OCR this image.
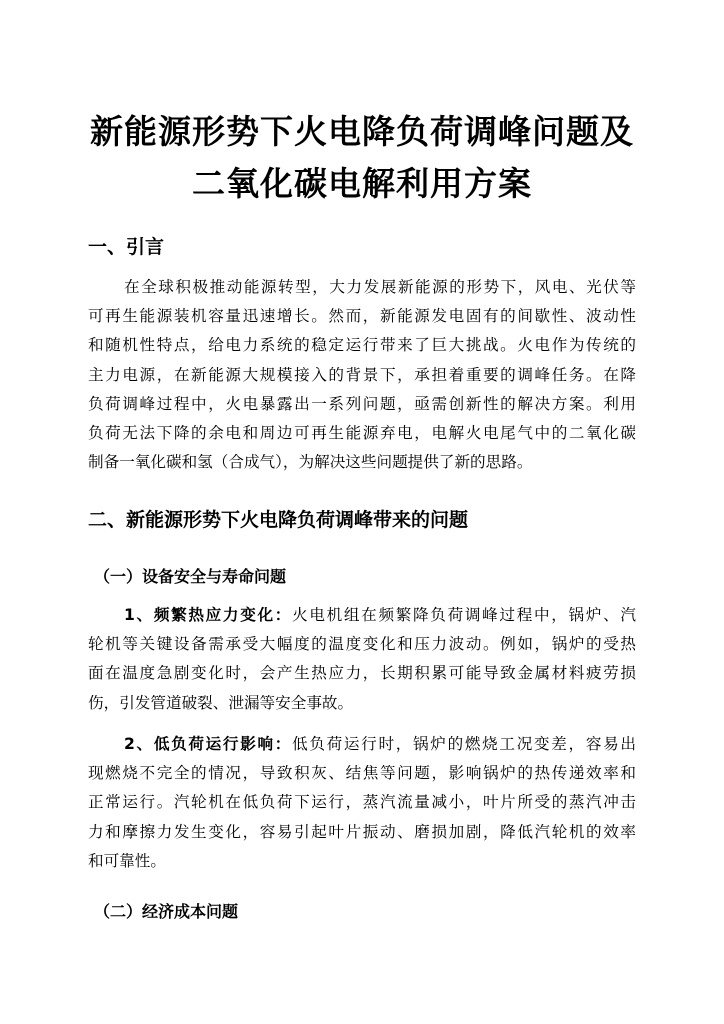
新能源形势下火电降负荷调峰问题及
二氧化碳电解利用方案
一、引言
在全球积极推动能源转型，大力发展新能源的形势下，风电、光伏等
可再生能源装机容量迅速增长。然而，新能源发电固有的间歇性、波动性
和随机性特点，给电力系统的稳定运行带来了巨大挑战。火电作为传统的
主力电源，在新能源大规模接入的背景下，承担着重要的调峰任务。在降
负荷调峰过程中，火电暴露出一系列问题，亟需创新性的解决方案。利用
负荷无法下降的余电和周边可再生能源弃电，电解火电尾气中的二氧化碳
制备一氧化碳和氢（合成气），为解决这些问题提供了新的思路。
二、新能源形势下火电降负荷调峰带来的问题
（一）设备安全与寿命问题
1、频繁热应力变化：火电机组在频繁降负荷调峰过程中，锅炉、汽
轮机等关键设备需承受大幅度的温度变化和压力波动。例如，锅炉的受热
面在温度急剧变化时，会产生热应力，长期积累可能导致金属材料疲劳损
伤，引发管道破裂、泄漏等安全事故。
2、低负荷运行影响：低负荷运行时，锅炉的燃烧工况变差，容易出
现燃烧不完全的情况，导致积灰、结焦等问题，影响锅炉的热传递效率和
正常运行。汽轮机在低负荷下运行，蒸汽流量减小，叶片所受的蒸汽冲击
力和摩擦力发生变化，容易引起叶片振动、磨损加剧，降低汽轮机的效率
和可靠性。
（二）经济成本问题
